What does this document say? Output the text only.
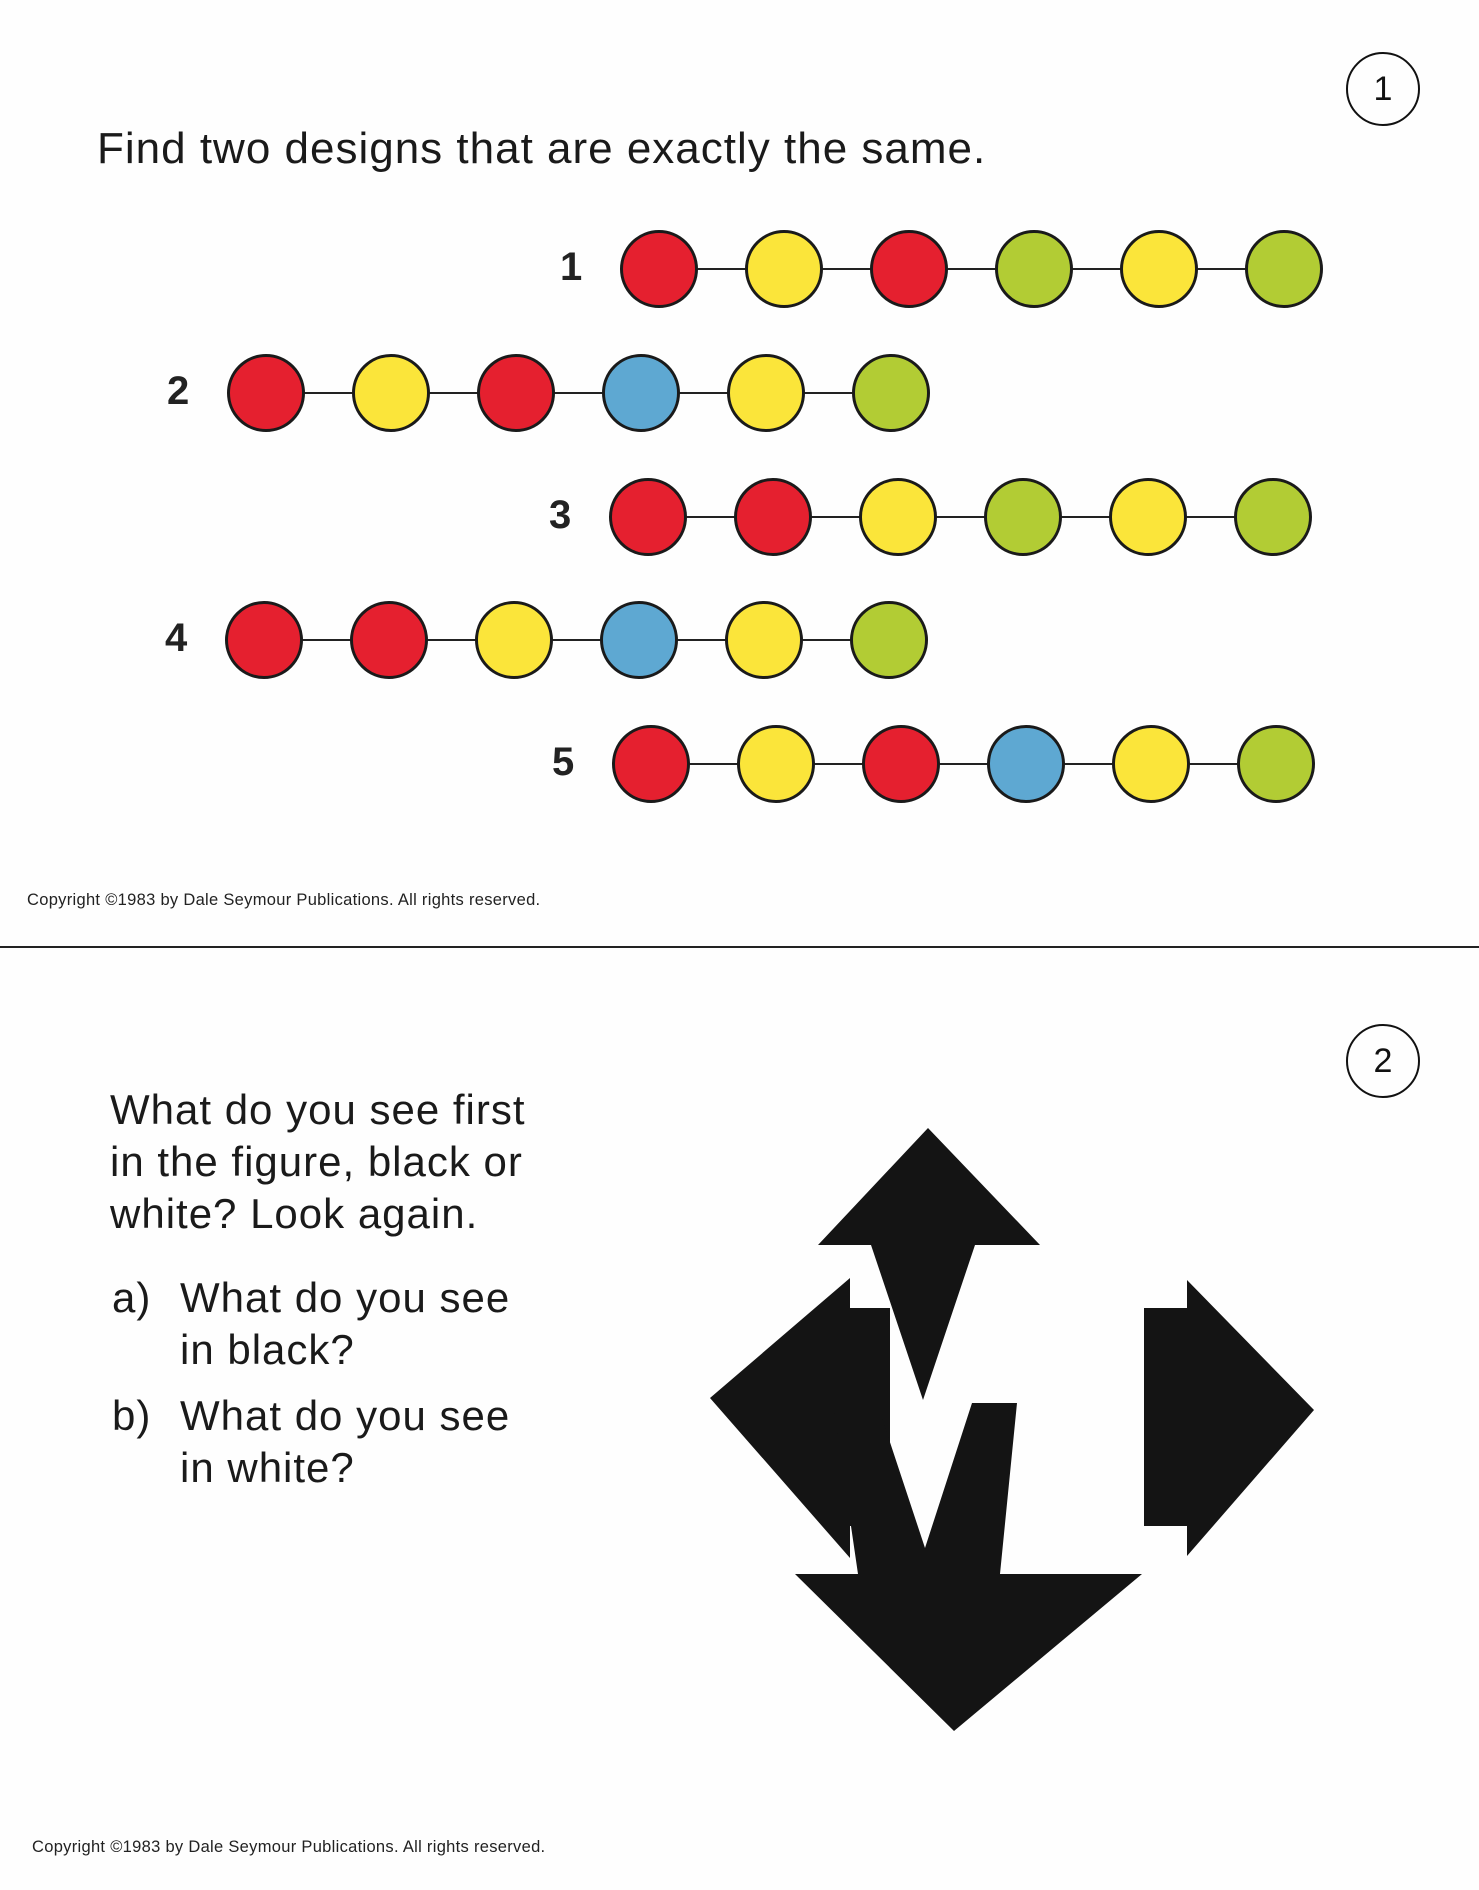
1
Find two designs that are exactly the same.
1
2
3
4
5
Copyright ©1983 by Dale Seymour Publications. All rights reserved.
2
What do you see first
in the figure, black or
white? Look again.
a) What do you see
in black?
b) What do you see
in white?
Copyright ©1983 by Dale Seymour Publications. All rights reserved.
